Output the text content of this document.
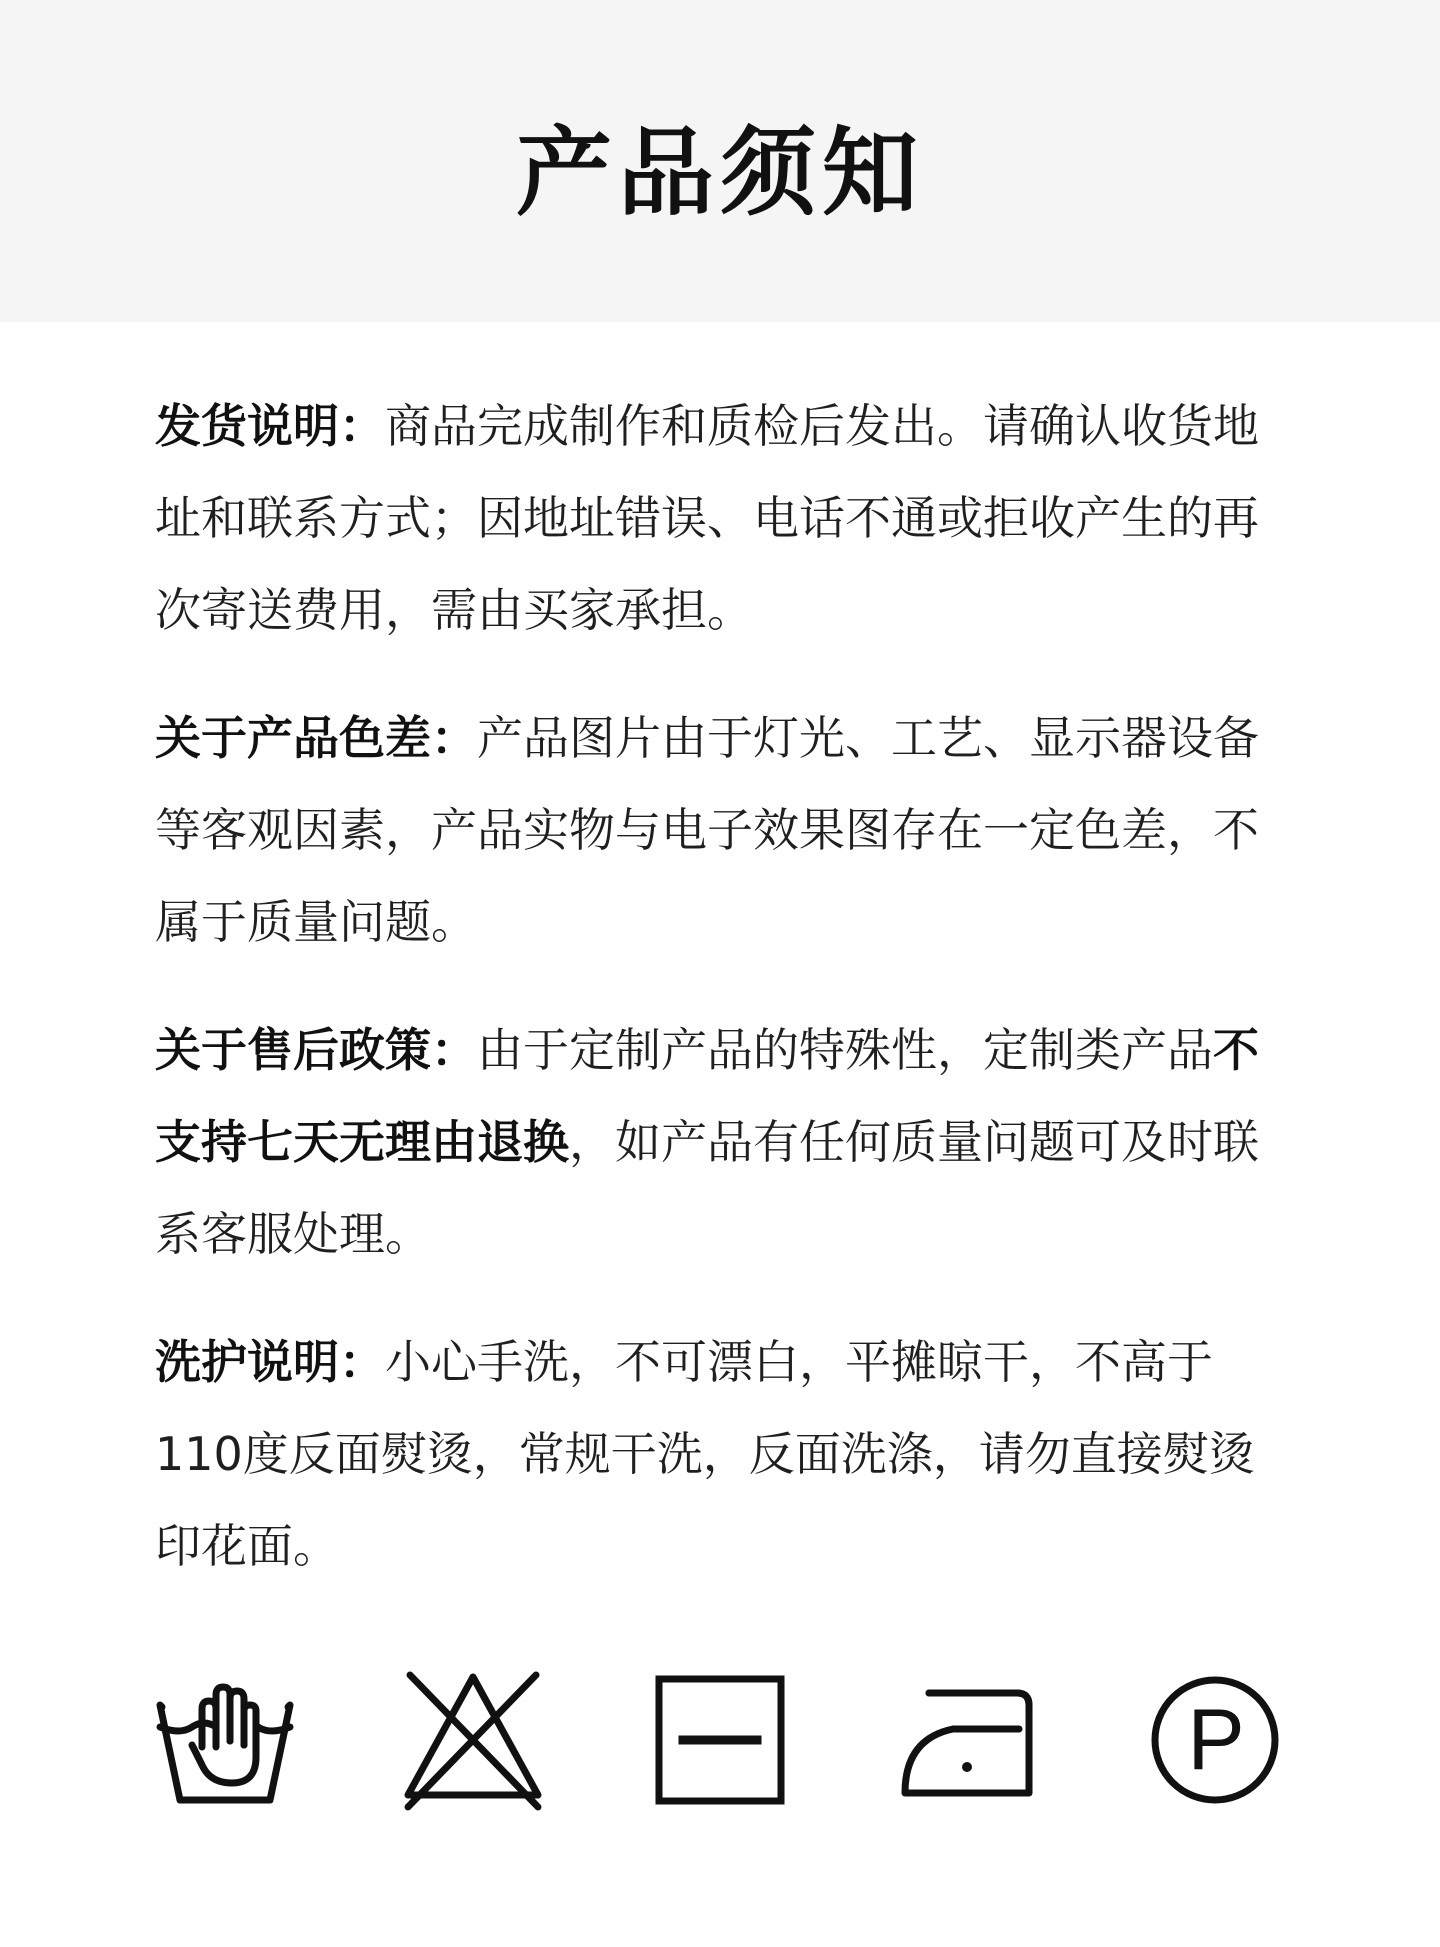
产品须知

发货说明：商品完成制作和质检后发出。请确认收货地址和联系方式；因地址错误、电话不通或拒收产生的再次寄送费用，需由买家承担。

关于产品色差：产品图片由于灯光、工艺、显示器设备等客观因素，产品实物与电子效果图存在一定色差，不属于质量问题。

关于售后政策：由于定制产品的特殊性，定制类产品不支持七天无理由退换，如产品有任何质量问题可及时联系客服处理。

洗护说明：小心手洗，不可漂白，平摊晾干，不高于110度反面熨烫，常规干洗，反面洗涤，请勿直接熨烫印花面。

P
